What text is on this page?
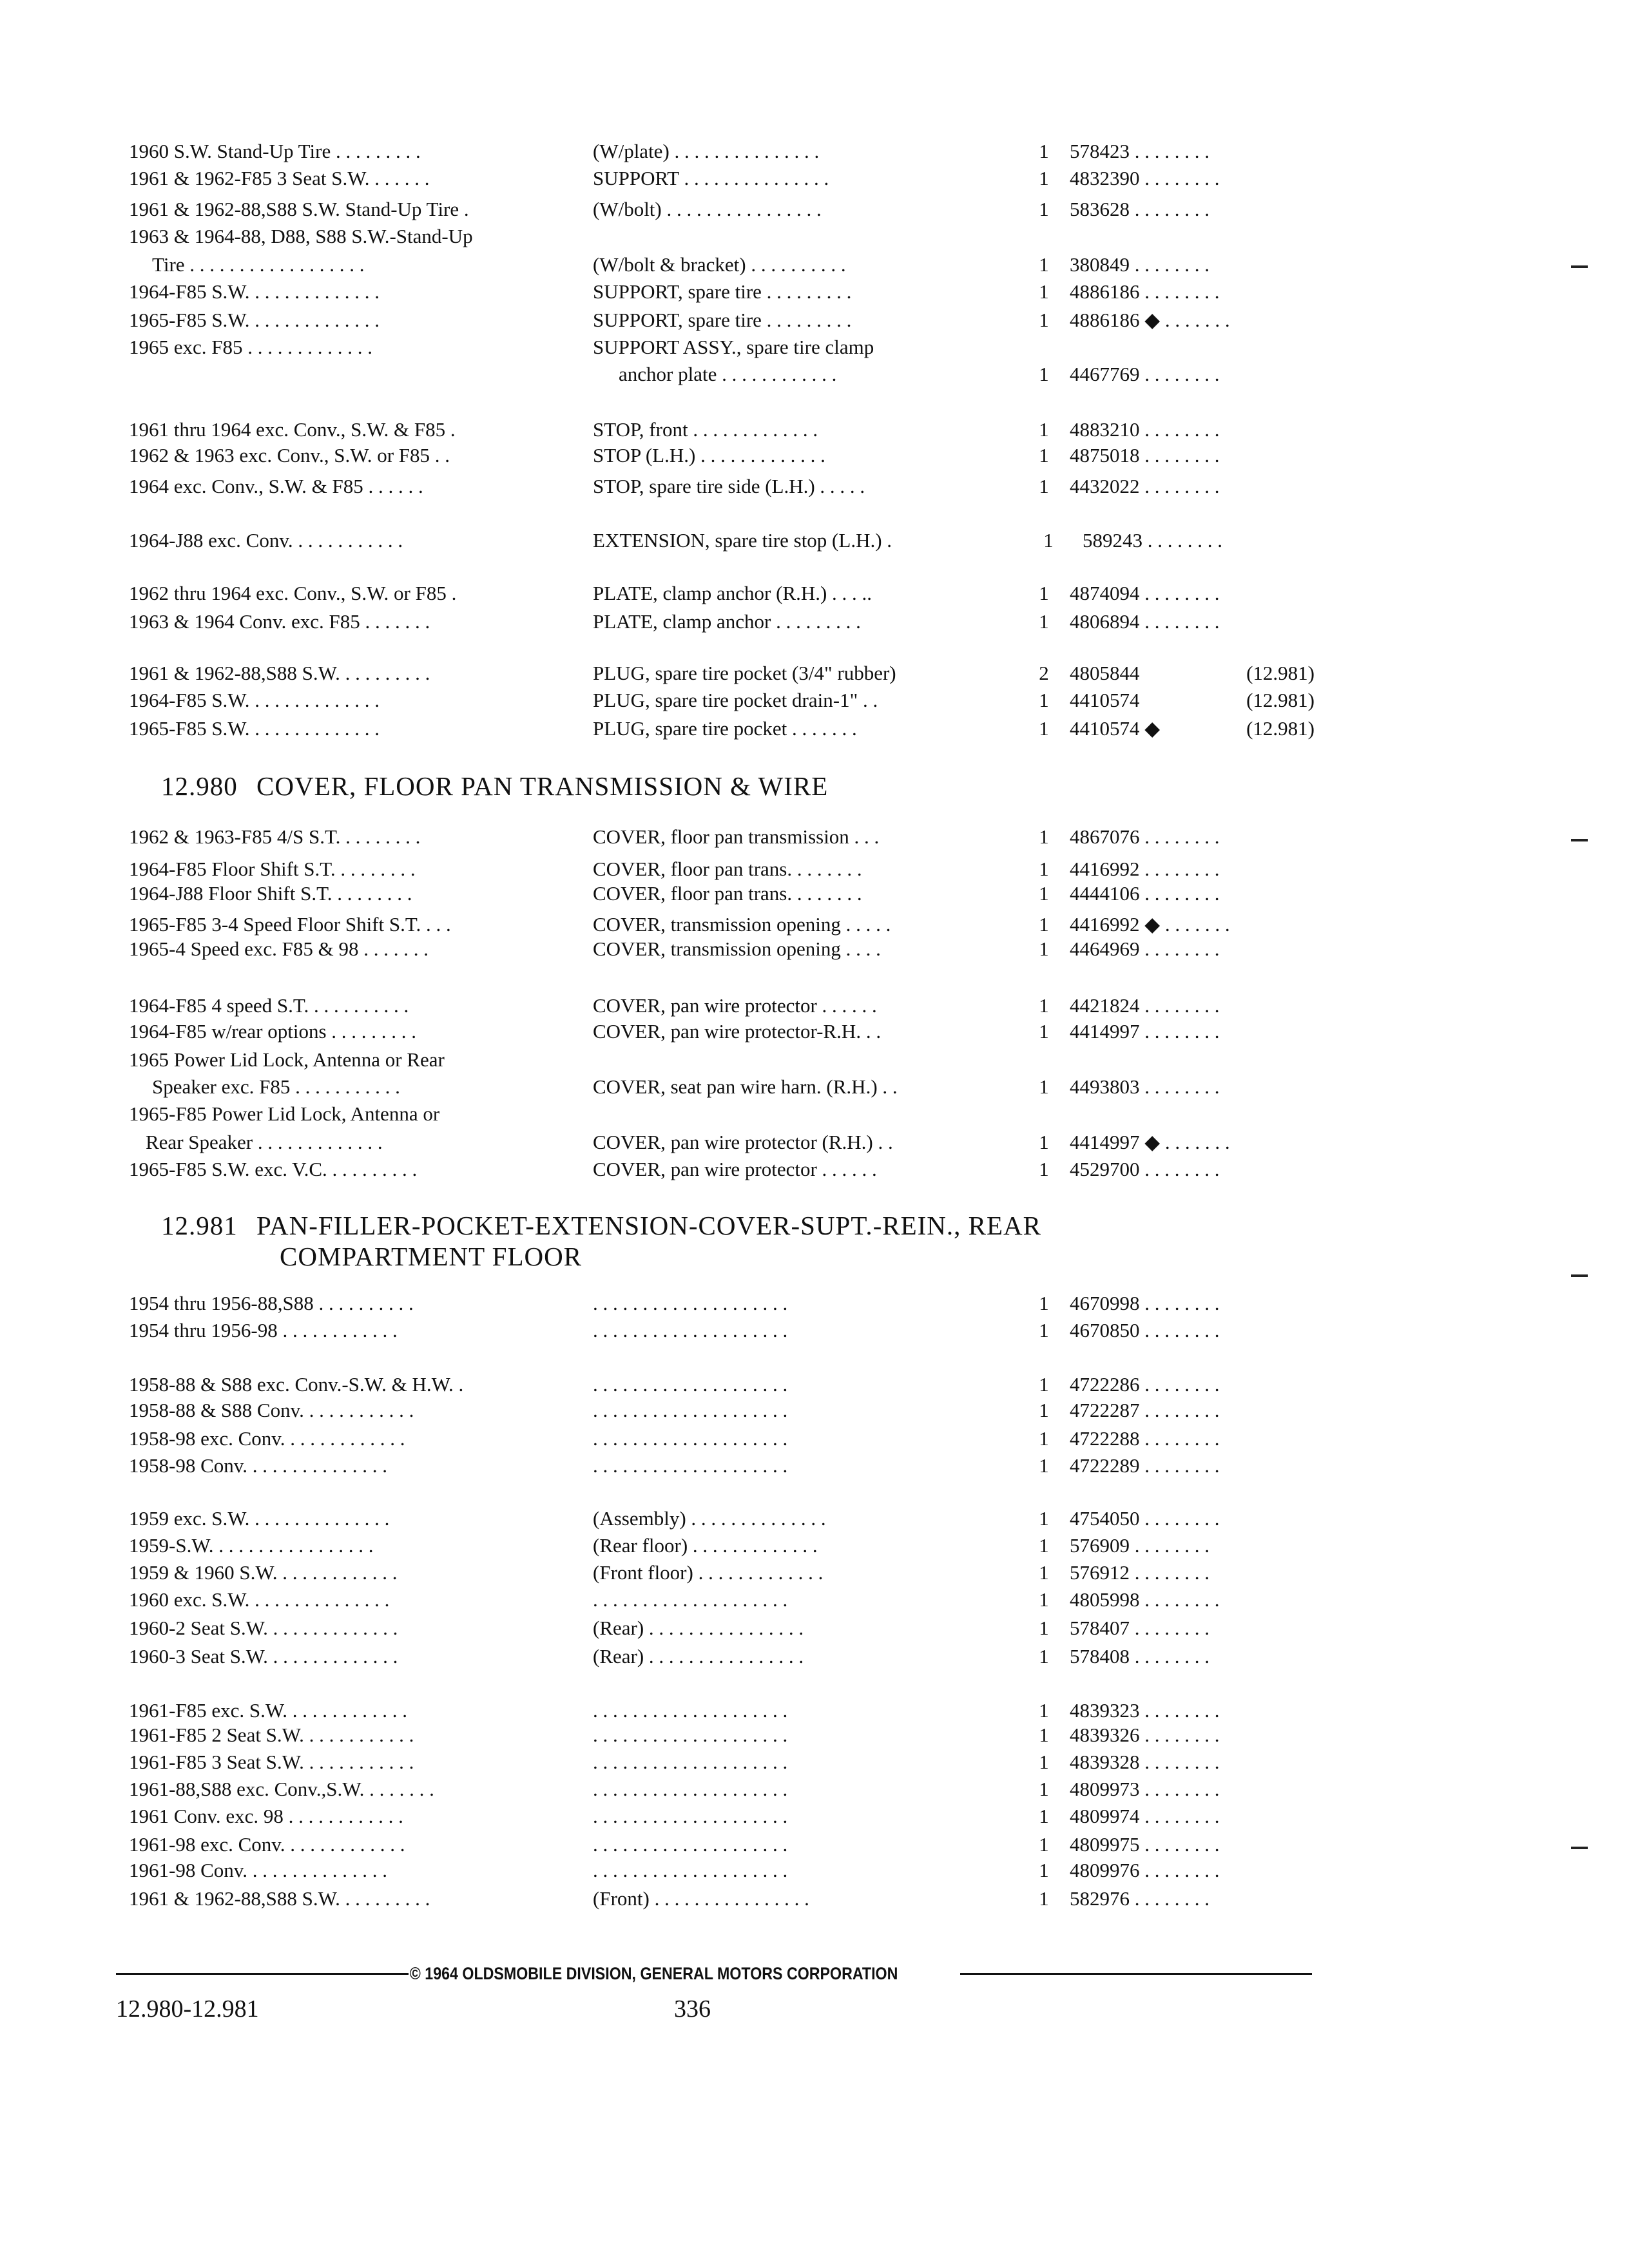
1960 S.W. Stand-Up Tire . . . . . . . . .	(W/plate) . . . . . . . . . . . . . . .	1 578423 . . . . . . . .
1961 & 1962-F85 3 Seat S.W. . . . . . .	SUPPORT . . . . . . . . . . . . . . .	1 4832390 . . . . . . . .
1961 & 1962-88,S88 S.W. Stand-Up Tire .	(W/bolt) . . . . . . . . . . . . . . . .	1 583628 . . . . . . . .
1963 & 1964-88, D88, S88 S.W.-Stand-Up
Tire . . . . . . . . . . . . . . . . . .	(W/bolt & bracket) . . . . . . . . . .	1 380849 . . . . . . . .
1964-F85 S.W. . . . . . . . . . . . . .	SUPPORT, spare tire . . . . . . . . .	1 4886186 . . . . . . . .
1965-F85 S.W. . . . . . . . . . . . . .	SUPPORT, spare tire . . . . . . . . .	1 4886186 ◆ . . . . . . .
1965 exc. F85 . . . . . . . . . . . . .	SUPPORT ASSY., spare tire clamp
anchor plate . . . . . . . . . . . .	1 4467769 . . . . . . . .
1961 thru 1964 exc. Conv., S.W. & F85 .	STOP, front . . . . . . . . . . . . .	1 4883210 . . . . . . . .
1962 & 1963 exc. Conv., S.W. or F85 . .	STOP (L.H.) . . . . . . . . . . . . .	1 4875018 . . . . . . . .
1964 exc. Conv., S.W. & F85 . . . . . .	STOP, spare tire side (L.H.) . . . . .	1 4432022 . . . . . . . .
1964-J88 exc. Conv. . . . . . . . . . . .	EXTENSION, spare tire stop (L.H.) .	1 589243 . . . . . . . .
1962 thru 1964 exc. Conv., S.W. or F85 .	PLATE, clamp anchor (R.H.) . . . ..	1 4874094 . . . . . . . .
1963 & 1964 Conv. exc. F85 . . . . . . .	PLATE, clamp anchor . . . . . . . . .	1 4806894 . . . . . . . .
1961 & 1962-88,S88 S.W. . . . . . . . . .	PLUG, spare tire pocket (3/4" rubber)	2 4805844	(12.981)
1964-F85 S.W. . . . . . . . . . . . . .	PLUG, spare tire pocket drain-1" . .	1 4410574	(12.981)
1965-F85 S.W. . . . . . . . . . . . . .	PLUG, spare tire pocket . . . . . . .	1 4410574 ◆	(12.981)
12.980 COVER, FLOOR PAN TRANSMISSION & WIRE
1962 & 1963-F85 4/S S.T. . . . . . . . .	COVER, floor pan transmission . . .	1 4867076 . . . . . . . .
1964-F85 Floor Shift S.T. . . . . . . . .	COVER, floor pan trans. . . . . . . .	1 4416992 . . . . . . . .
1964-J88 Floor Shift S.T. . . . . . . . .	COVER, floor pan trans. . . . . . . .	1 4444106 . . . . . . . .
1965-F85 3-4 Speed Floor Shift S.T. . . .	COVER, transmission opening . . . . .	1 4416992 ◆ . . . . . . .
1965-4 Speed exc. F85 & 98 . . . . . . .	COVER, transmission opening . . . .	1 4464969 . . . . . . . .
1964-F85 4 speed S.T. . . . . . . . . . .	COVER, pan wire protector . . . . . .	1 4421824 . . . . . . . .
1964-F85 w/rear options . . . . . . . . .	COVER, pan wire protector-R.H. . .	1 4414997 . . . . . . . .
1965 Power Lid Lock, Antenna or Rear
Speaker exc. F85 . . . . . . . . . . .	COVER, seat pan wire harn. (R.H.) . .	1 4493803 . . . . . . . .
1965-F85 Power Lid Lock, Antenna or
Rear Speaker . . . . . . . . . . . . .	COVER, pan wire protector (R.H.) . .	1 4414997 ◆ . . . . . . .
1965-F85 S.W. exc. V.C. . . . . . . . . .	COVER, pan wire protector . . . . . .	1 4529700 . . . . . . . .
12.981 PAN-FILLER-POCKET-EXTENSION-COVER-SUPT.-REIN., REAR
COMPARTMENT FLOOR
1954 thru 1956-88,S88 . . . . . . . . . .	. . . . . . . . . . . . . . . . . . . .	1 4670998 . . . . . . . .
1954 thru 1956-98 . . . . . . . . . . . .	. . . . . . . . . . . . . . . . . . . .	1 4670850 . . . . . . . .
1958-88 & S88 exc. Conv.-S.W. & H.W. .	. . . . . . . . . . . . . . . . . . . .	1 4722286 . . . . . . . .
1958-88 & S88 Conv. . . . . . . . . . . .	. . . . . . . . . . . . . . . . . . . .	1 4722287 . . . . . . . .
1958-98 exc. Conv. . . . . . . . . . . . .	. . . . . . . . . . . . . . . . . . . .	1 4722288 . . . . . . . .
1958-98 Conv. . . . . . . . . . . . . . .	. . . . . . . . . . . . . . . . . . . .	1 4722289 . . . . . . . .
1959 exc. S.W. . . . . . . . . . . . . . .	(Assembly) . . . . . . . . . . . . . .	1 4754050 . . . . . . . .
1959-S.W. . . . . . . . . . . . . . . . .	(Rear floor) . . . . . . . . . . . . .	1 576909 . . . . . . . .
1959 & 1960 S.W. . . . . . . . . . . . .	(Front floor) . . . . . . . . . . . . .	1 576912 . . . . . . . .
1960 exc. S.W. . . . . . . . . . . . . . .	. . . . . . . . . . . . . . . . . . . .	1 4805998 . . . . . . . .
1960-2 Seat S.W. . . . . . . . . . . . . .	(Rear) . . . . . . . . . . . . . . . .	1 578407 . . . . . . . .
1960-3 Seat S.W. . . . . . . . . . . . . .	(Rear) . . . . . . . . . . . . . . . .	1 578408 . . . . . . . .
1961-F85 exc. S.W. . . . . . . . . . . . .	. . . . . . . . . . . . . . . . . . . .	1 4839323 . . . . . . . .
1961-F85 2 Seat S.W. . . . . . . . . . . .	. . . . . . . . . . . . . . . . . . . .	1 4839326 . . . . . . . .
1961-F85 3 Seat S.W. . . . . . . . . . . .	. . . . . . . . . . . . . . . . . . . .	1 4839328 . . . . . . . .
1961-88,S88 exc. Conv.,S.W. . . . . . . .	. . . . . . . . . . . . . . . . . . . .	1 4809973 . . . . . . . .
1961 Conv. exc. 98 . . . . . . . . . . . .	. . . . . . . . . . . . . . . . . . . .	1 4809974 . . . . . . . .
1961-98 exc. Conv. . . . . . . . . . . . .	. . . . . . . . . . . . . . . . . . . .	1 4809975 . . . . . . . .
1961-98 Conv. . . . . . . . . . . . . . .	. . . . . . . . . . . . . . . . . . . .	1 4809976 . . . . . . . .
1961 & 1962-88,S88 S.W. . . . . . . . . .	(Front) . . . . . . . . . . . . . . . .	1 582976 . . . . . . . .
© 1964 OLDSMOBILE DIVISION, GENERAL MOTORS CORPORATION
12.980-12.981	336
